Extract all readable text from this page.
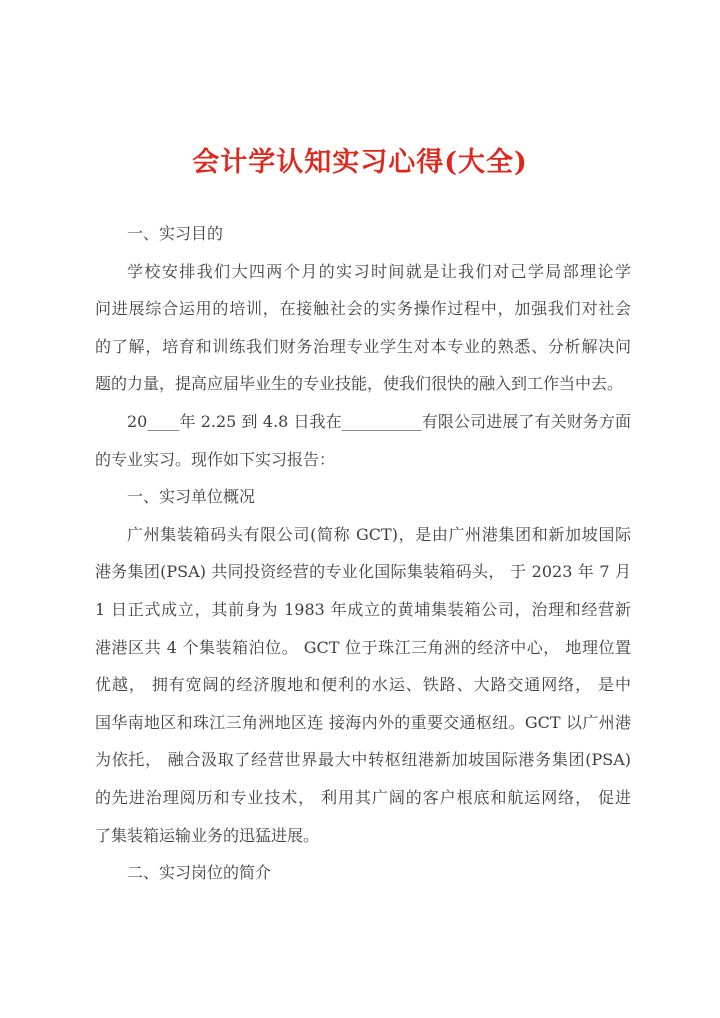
会计学认知实习心得(大全)
一、实习目的
学校安排我们大四两个月的实习时间就是让我们对己学局部理论学
问进展综合运用的培训，在接触社会的实务操作过程中，加强我们对社会
的了解，培育和训练我们财务治理专业学生对本专业的熟悉、分析解决问
题的力量，提高应届毕业生的专业技能，使我们很快的融入到工作当中去。
20____年 2.25 到 4.8 日我在__________有限公司进展了有关财务方面
的专业实习。现作如下实习报告：
一、实习单位概况
广州集装箱码头有限公司(简称 GCT)，是由广州港集团和新加坡国际
港务集团(PSA) 共同投资经营的专业化国际集装箱码头， 于 2023 年 7 月
1 日正式成立，其前身为 1983 年成立的黄埔集装箱公司，治理和经营新
港港区共 4 个集装箱泊位。 GCT 位于珠江三角洲的经济中心， 地理位置
优越， 拥有宽阔的经济腹地和便利的水运、铁路、大路交通网络， 是中
国华南地区和珠江三角洲地区连 接海内外的重要交通枢纽。GCT 以广州港
为依托， 融合汲取了经营世界最大中转枢纽港新加坡国际港务集团(PSA)
的先进治理阅历和专业技术， 利用其广阔的客户根底和航运网络， 促进
了集装箱运输业务的迅猛进展。
二、实习岗位的简介
